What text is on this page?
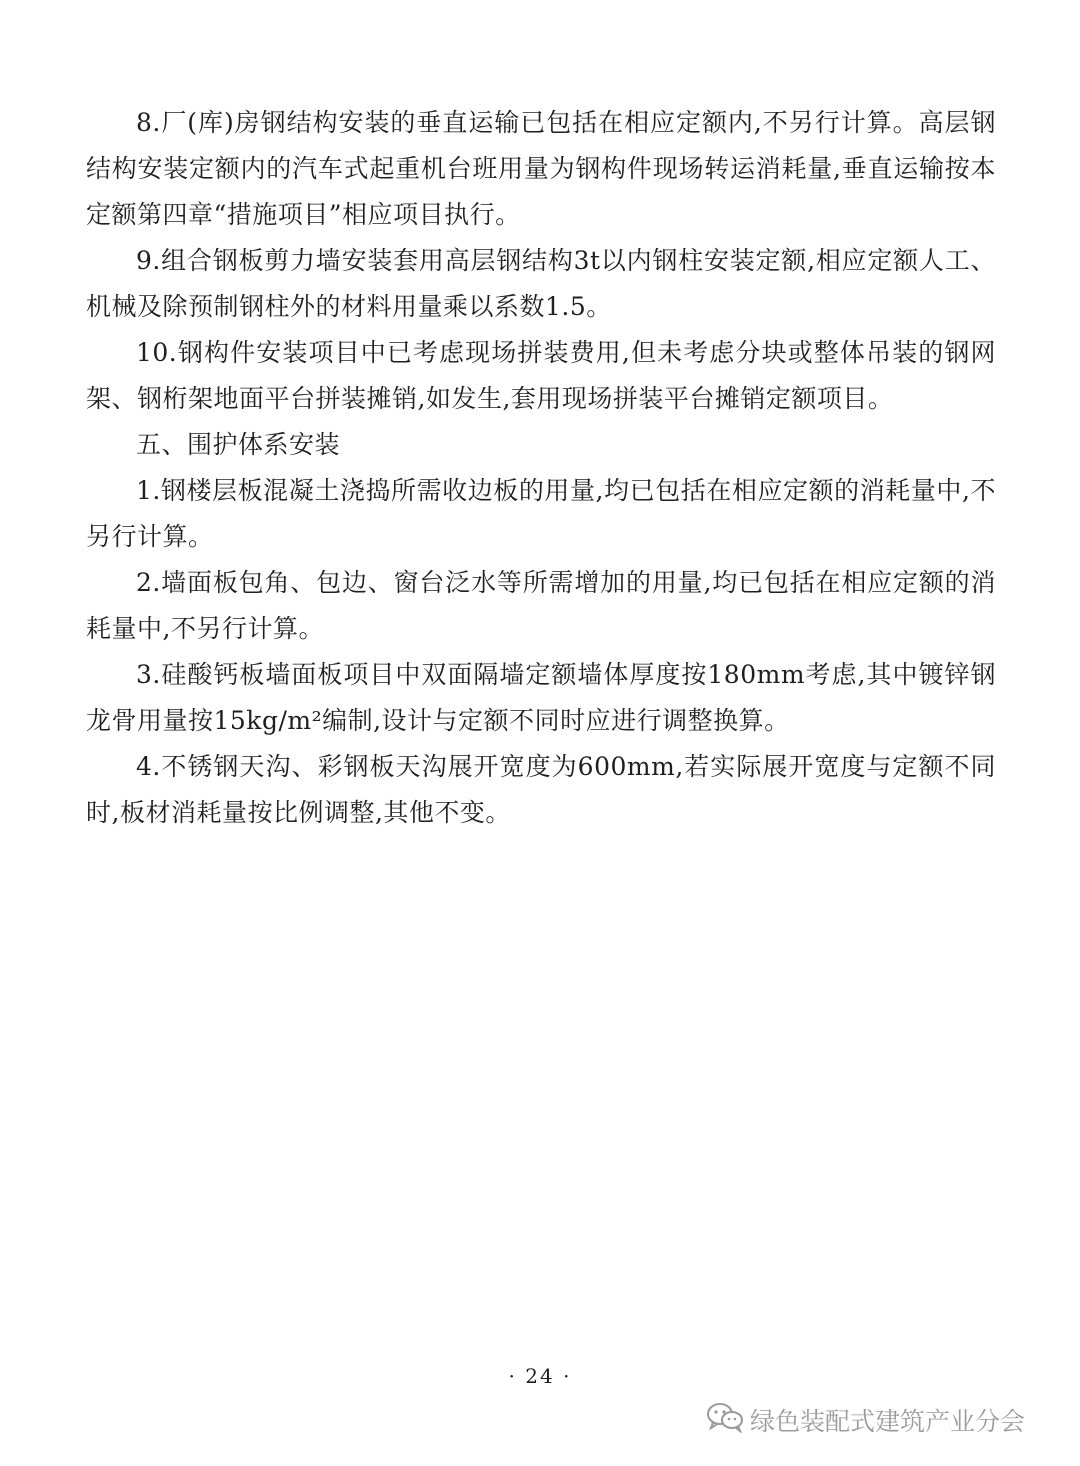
8.厂(库)房钢结构安装的垂直运输已包括在相应定额内,不另行计算。高层钢结构安装定额内的汽车式起重机台班用量为钢构件现场转运消耗量,垂直运输按本定额第四章“措施项目”相应项目执行。

9.组合钢板剪力墙安装套用高层钢结构3t以内钢柱安装定额,相应定额人工、机械及除预制钢柱外的材料用量乘以系数1.5。

10.钢构件安装项目中已考虑现场拼装费用,但未考虑分块或整体吊装的钢网架、钢桁架地面平台拼装摊销,如发生,套用现场拼装平台摊销定额项目。

五、围护体系安装

1.钢楼层板混凝土浇捣所需收边板的用量,均已包括在相应定额的消耗量中,不另行计算。

2.墙面板包角、包边、窗台泛水等所需增加的用量,均已包括在相应定额的消耗量中,不另行计算。

3.硅酸钙板墙面板项目中双面隔墙定额墙体厚度按180mm考虑,其中镀锌钢龙骨用量按15kg/m²编制,设计与定额不同时应进行调整换算。

4.不锈钢天沟、彩钢板天沟展开宽度为600mm,若实际展开宽度与定额不同时,板材消耗量按比例调整,其他不变。

· 24 ·
绿色装配式建筑产业分会
